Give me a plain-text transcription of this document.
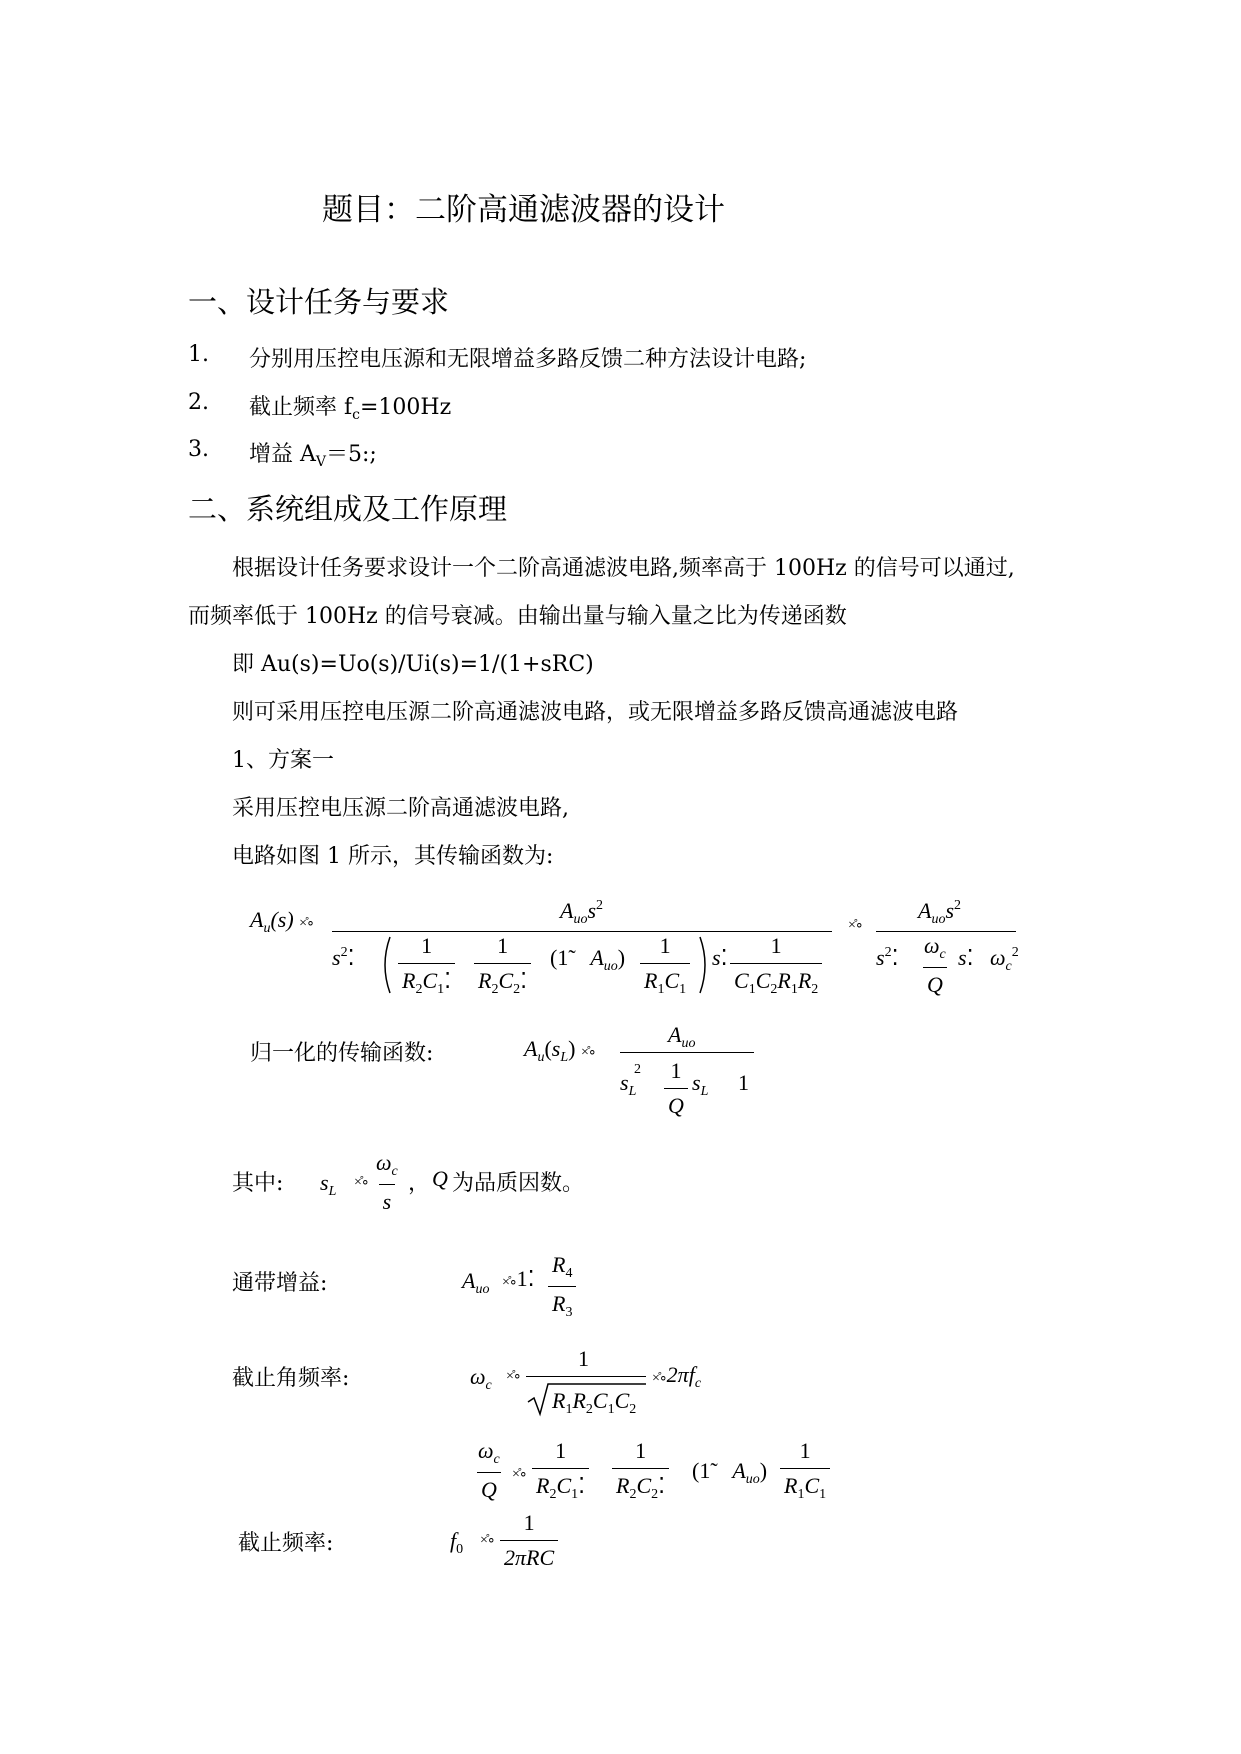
题目：二阶高通滤波器的设计
一、设计任务与要求
1. 分别用压控电压源和无限增益多路反馈二种方法设计电路;
2. 截止频率 $f_c=100Hz$
3. 增益 $A_V=5$:;
二、系统组成及工作原理
根据设计任务要求设计一个二阶高通滤波电路,频率高于 100Hz 的信号可以通过,
而频率低于 100Hz 的信号衰减。由输出量与输入量之比为传递函数
即 Au(s)=Uo(s)/Ui(s)=1/(1+sRC)
则可采用压控电压源二阶高通滤波电路，或无限增益多路反馈高通滤波电路
1、方案一
采用压控电压源二阶高通滤波电路,
电路如图 1 所示，其传输函数为:
$A_u(s)$ ×̊∘
$A_{uo}s^2$
$s^2⁚ \frac{1}{R_2C_1⁚} \frac{1}{R_2C_2⁚}$ (1̃   $A_{uo}) \frac{1}{R_1C_1}$ s⁚ $\frac{1}{C_1C_2R_1R_2}$
×̊∘
$A_{uo}s^2$
$s^2⁚ \frac{\omega_c}{Q}$ s⁚ $\omega_c^2$
归一化的传输函数:	$A_u(s_L)$ ×̊∘
$A_{uo}$
$s_L$
$^2 \frac{1}{Q} s_L$ 1
其中: $s_L$
×̊∘ $\frac{\omega_c}{s}$ ， Q 为品质因数。
通带增益:	$A_{uo}$ ×̊∘1⁚ $\frac{R_4}{R_3}$
截止角频率:	$\omega_c$
×̊∘
1
$R_1R_2C_1C_2$
$\times̊\circ 2\pi f_c$
$\frac{\omega_c}{Q}$ ×̊∘ $\frac{1}{R_2C_1⁚} \frac{1}{R_2C_2⁚}$ (1̃   $A_{uo}) \frac{1}{R_1C_1}$
截止频率:	$f_0$
×̊∘ $\frac{1}{\text{2πRC}}$
